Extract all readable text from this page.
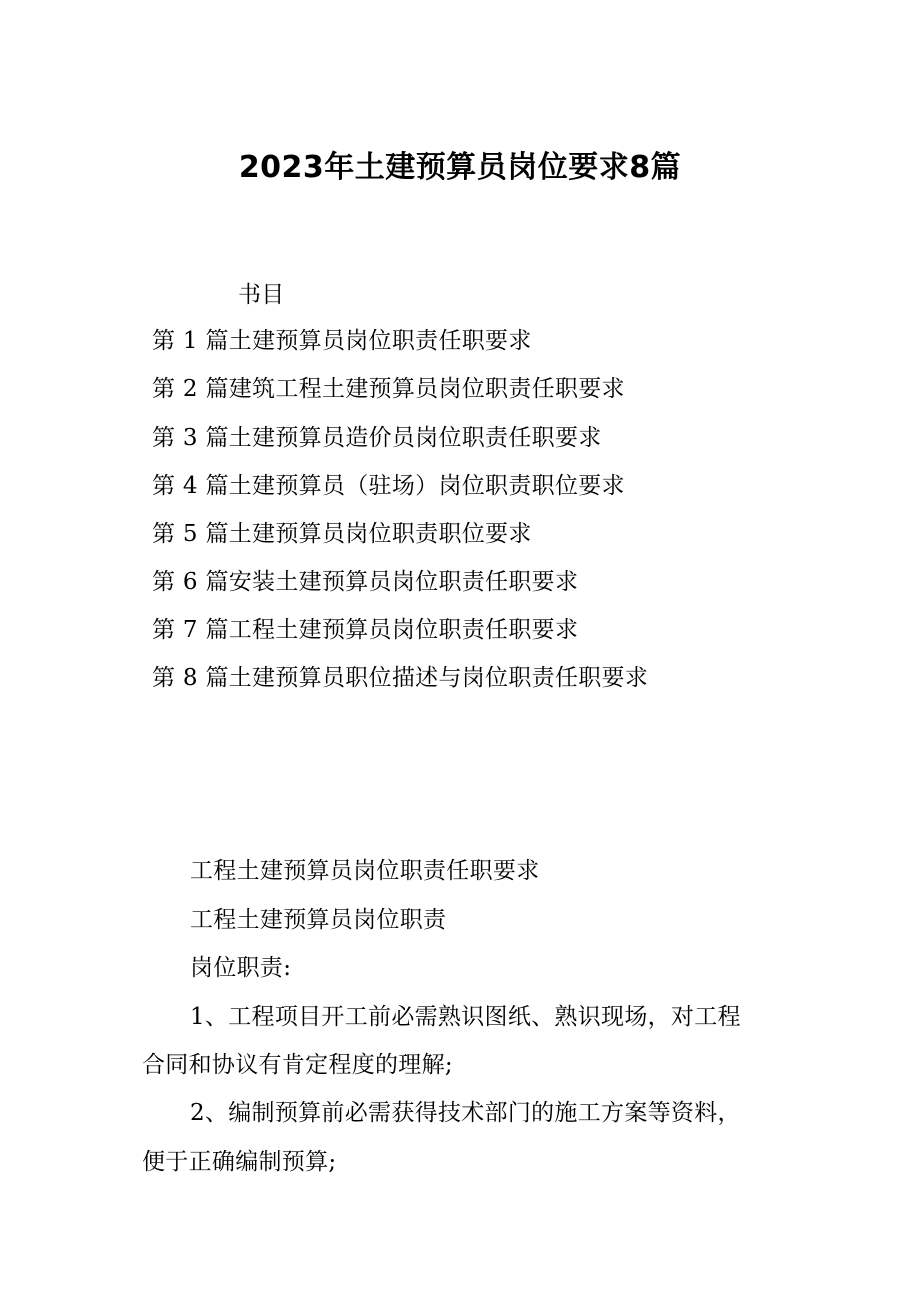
2023年土建预算员岗位要求8篇
书目
第 1 篇土建预算员岗位职责任职要求
第 2 篇建筑工程土建预算员岗位职责任职要求
第 3 篇土建预算员造价员岗位职责任职要求
第 4 篇土建预算员（驻场）岗位职责职位要求
第 5 篇土建预算员岗位职责职位要求
第 6 篇安装土建预算员岗位职责任职要求
第 7 篇工程土建预算员岗位职责任职要求
第 8 篇土建预算员职位描述与岗位职责任职要求
工程土建预算员岗位职责任职要求
工程土建预算员岗位职责
岗位职责:
1、工程项目开工前必需熟识图纸、熟识现场，对工程
合同和协议有肯定程度的理解;
2、编制预算前必需获得技术部门的施工方案等资料，
便于正确编制预算;
